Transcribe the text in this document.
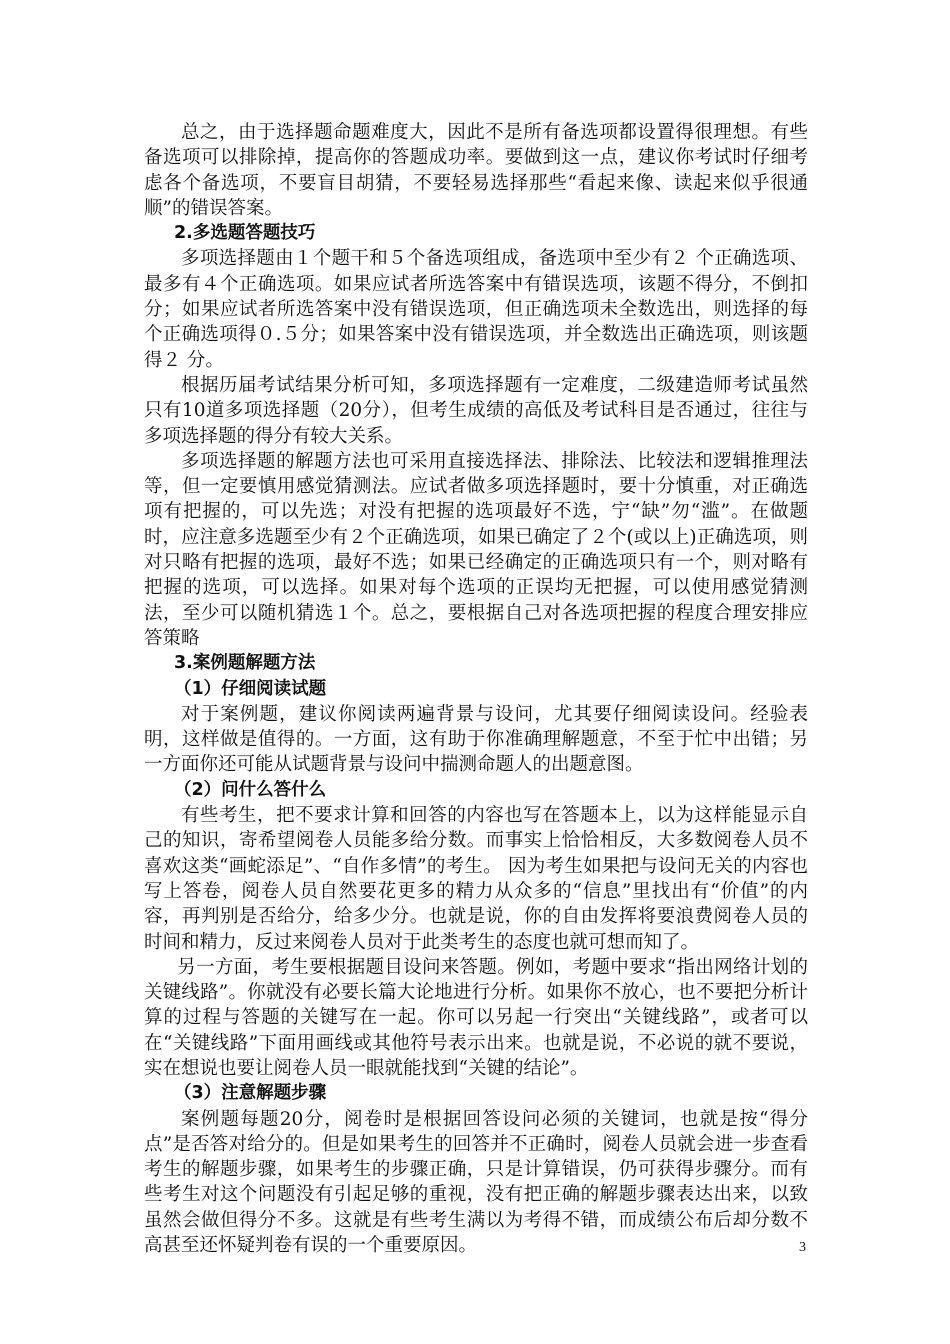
总之，由于选择题命题难度大，因此不是所有备选项都设置得很理想。有些备选项可以排除掉，提高你的答题成功率。要做到这一点，建议你考试时仔细考虑各个备选项，不要盲目胡猜，不要轻易选择那些“看起来像、读起来似乎很通顺”的错误答案。

2.多选题答题技巧

多项选择题由１个题干和５个备选项组成，备选项中至少有２ 个正确选项、最多有４个正确选项。如果应试者所选答案中有错误选项，该题不得分，不倒扣分；如果应试者所选答案中没有错误选项，但正确选项未全数选出，则选择的每个正确选项得０.５分；如果答案中没有错误选项，并全数选出正确选项，则该题得２ 分。

根据历届考试结果分析可知，多项选择题有一定难度，二级建造师考试虽然只有10道多项选择题（20分），但考生成绩的高低及考试科目是否通过，往往与多项选择题的得分有较大关系。

多项选择题的解题方法也可采用直接选择法、排除法、比较法和逻辑推理法等，但一定要慎用感觉猜测法。应试者做多项选择题时，要十分慎重，对正确选项有把握的，可以先选；对没有把握的选项最好不选，宁“缺”勿“滥”。在做题时，应注意多选题至少有２个正确选项，如果已确定了２个(或以上)正确选项，则对只略有把握的选项，最好不选；如果已经确定的正确选项只有一个，则对略有把握的选项，可以选择。如果对每个选项的正误均无把握，可以使用感觉猜测法，至少可以随机猜选１个。总之，要根据自己对各选项把握的程度合理安排应答策略

3.案例题解题方法

（1）仔细阅读试题

对于案例题，建议你阅读两遍背景与设问，尤其要仔细阅读设问。经验表明，这样做是值得的。一方面，这有助于你准确理解题意，不至于忙中出错；另一方面你还可能从试题背景与设问中揣测命题人的出题意图。

（2）问什么答什么

有些考生，把不要求计算和回答的内容也写在答题本上，以为这样能显示自己的知识，寄希望阅卷人员能多给分数。而事实上恰恰相反，大多数阅卷人员不喜欢这类“画蛇添足”、“自作多情”的考生。 因为考生如果把与设问无关的内容也写上答卷，阅卷人员自然要花更多的精力从众多的“信息”里找出有“价值”的内容，再判别是否给分，给多少分。也就是说，你的自由发挥将要浪费阅卷人员的时间和精力，反过来阅卷人员对于此类考生的态度也就可想而知了。

另一方面，考生要根据题目设问来答题。例如，考题中要求“指出网络计划的关键线路”。你就没有必要长篇大论地进行分析。如果你不放心，也不要把分析计算的过程与答题的关键写在一起。你可以另起一行突出“关键线路”，或者可以在“关键线路”下面用画线或其他符号表示出来。也就是说，不必说的就不要说，实在想说也要让阅卷人员一眼就能找到“关键的结论”。

（3）注意解题步骤

案例题每题20分，阅卷时是根据回答设问必须的关键词，也就是按“得分点”是否答对给分的。但是如果考生的回答并不正确时，阅卷人员就会进一步查看考生的解题步骤，如果考生的步骤正确，只是计算错误，仍可获得步骤分。而有些考生对这个问题没有引起足够的重视，没有把正确的解题步骤表达出来，以致虽然会做但得分不多。这就是有些考生满以为考得不错，而成绩公布后却分数不高甚至还怀疑判卷有误的一个重要原因。	3
